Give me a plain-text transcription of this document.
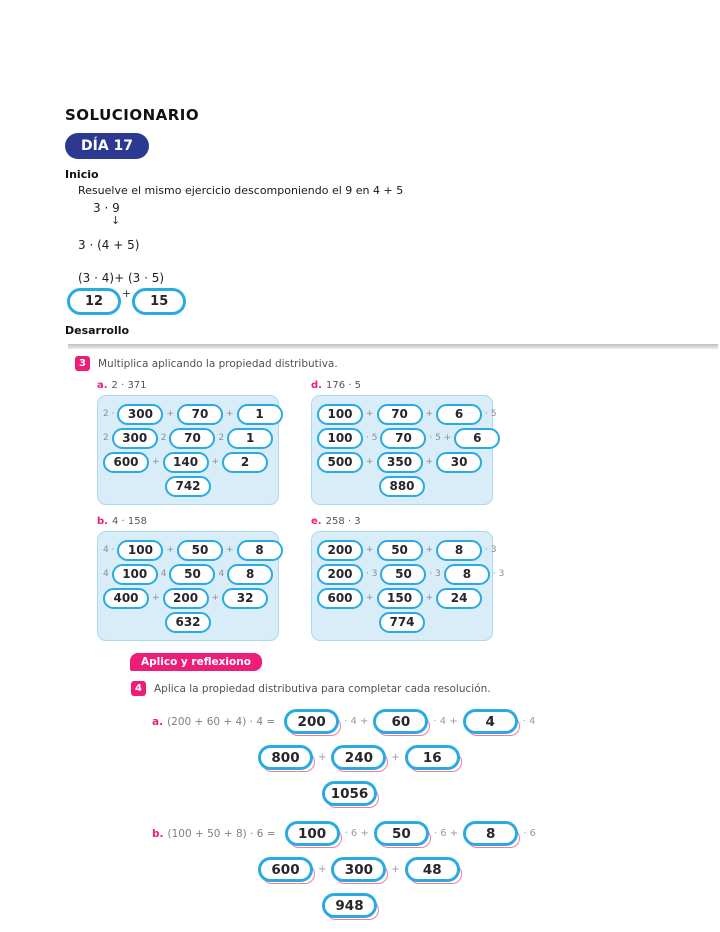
SOLUCIONARIO
DÍA 17
Inicio
Resuelve el mismo ejercicio descomponiendo el 9 en 4 + 5
3 · 9
↓
3 · (4 + 5)
(3 · 4)+ (3 · 5)
12	+	15
Desarrollo
3	Multiplica aplicando la propiedad distributiva.
a. 2 · 371
2 ·	300	+	70	+	1
2	300	2	70	2	1
600	+	140	+	2
742
d. 176 · 5
100	+	70	+	6	· 5
100	· 5	70	· 5 +	6
500	+	350	+	30
880
b. 4 · 158
4 ·	100	+	50	+	8
4	100	4	50	4	8
400	+	200	+	32
632
e. 258 · 3
200	+	50	+	8	· 3
200	· 3	50	· 3	8	· 3
600	+	150	+	24
774
Aplico y reflexiono
4	Aplica la propiedad distributiva para completar cada resolución.
a. (200 + 60 + 4) · 4 =	200	· 4 +	60	· 4 +	4	· 4
800	+	240	+	16
1056
b. (100 + 50 + 8) · 6 =	100	· 6 +	50	· 6 +	8	· 6
600	+	300	+	48
948
